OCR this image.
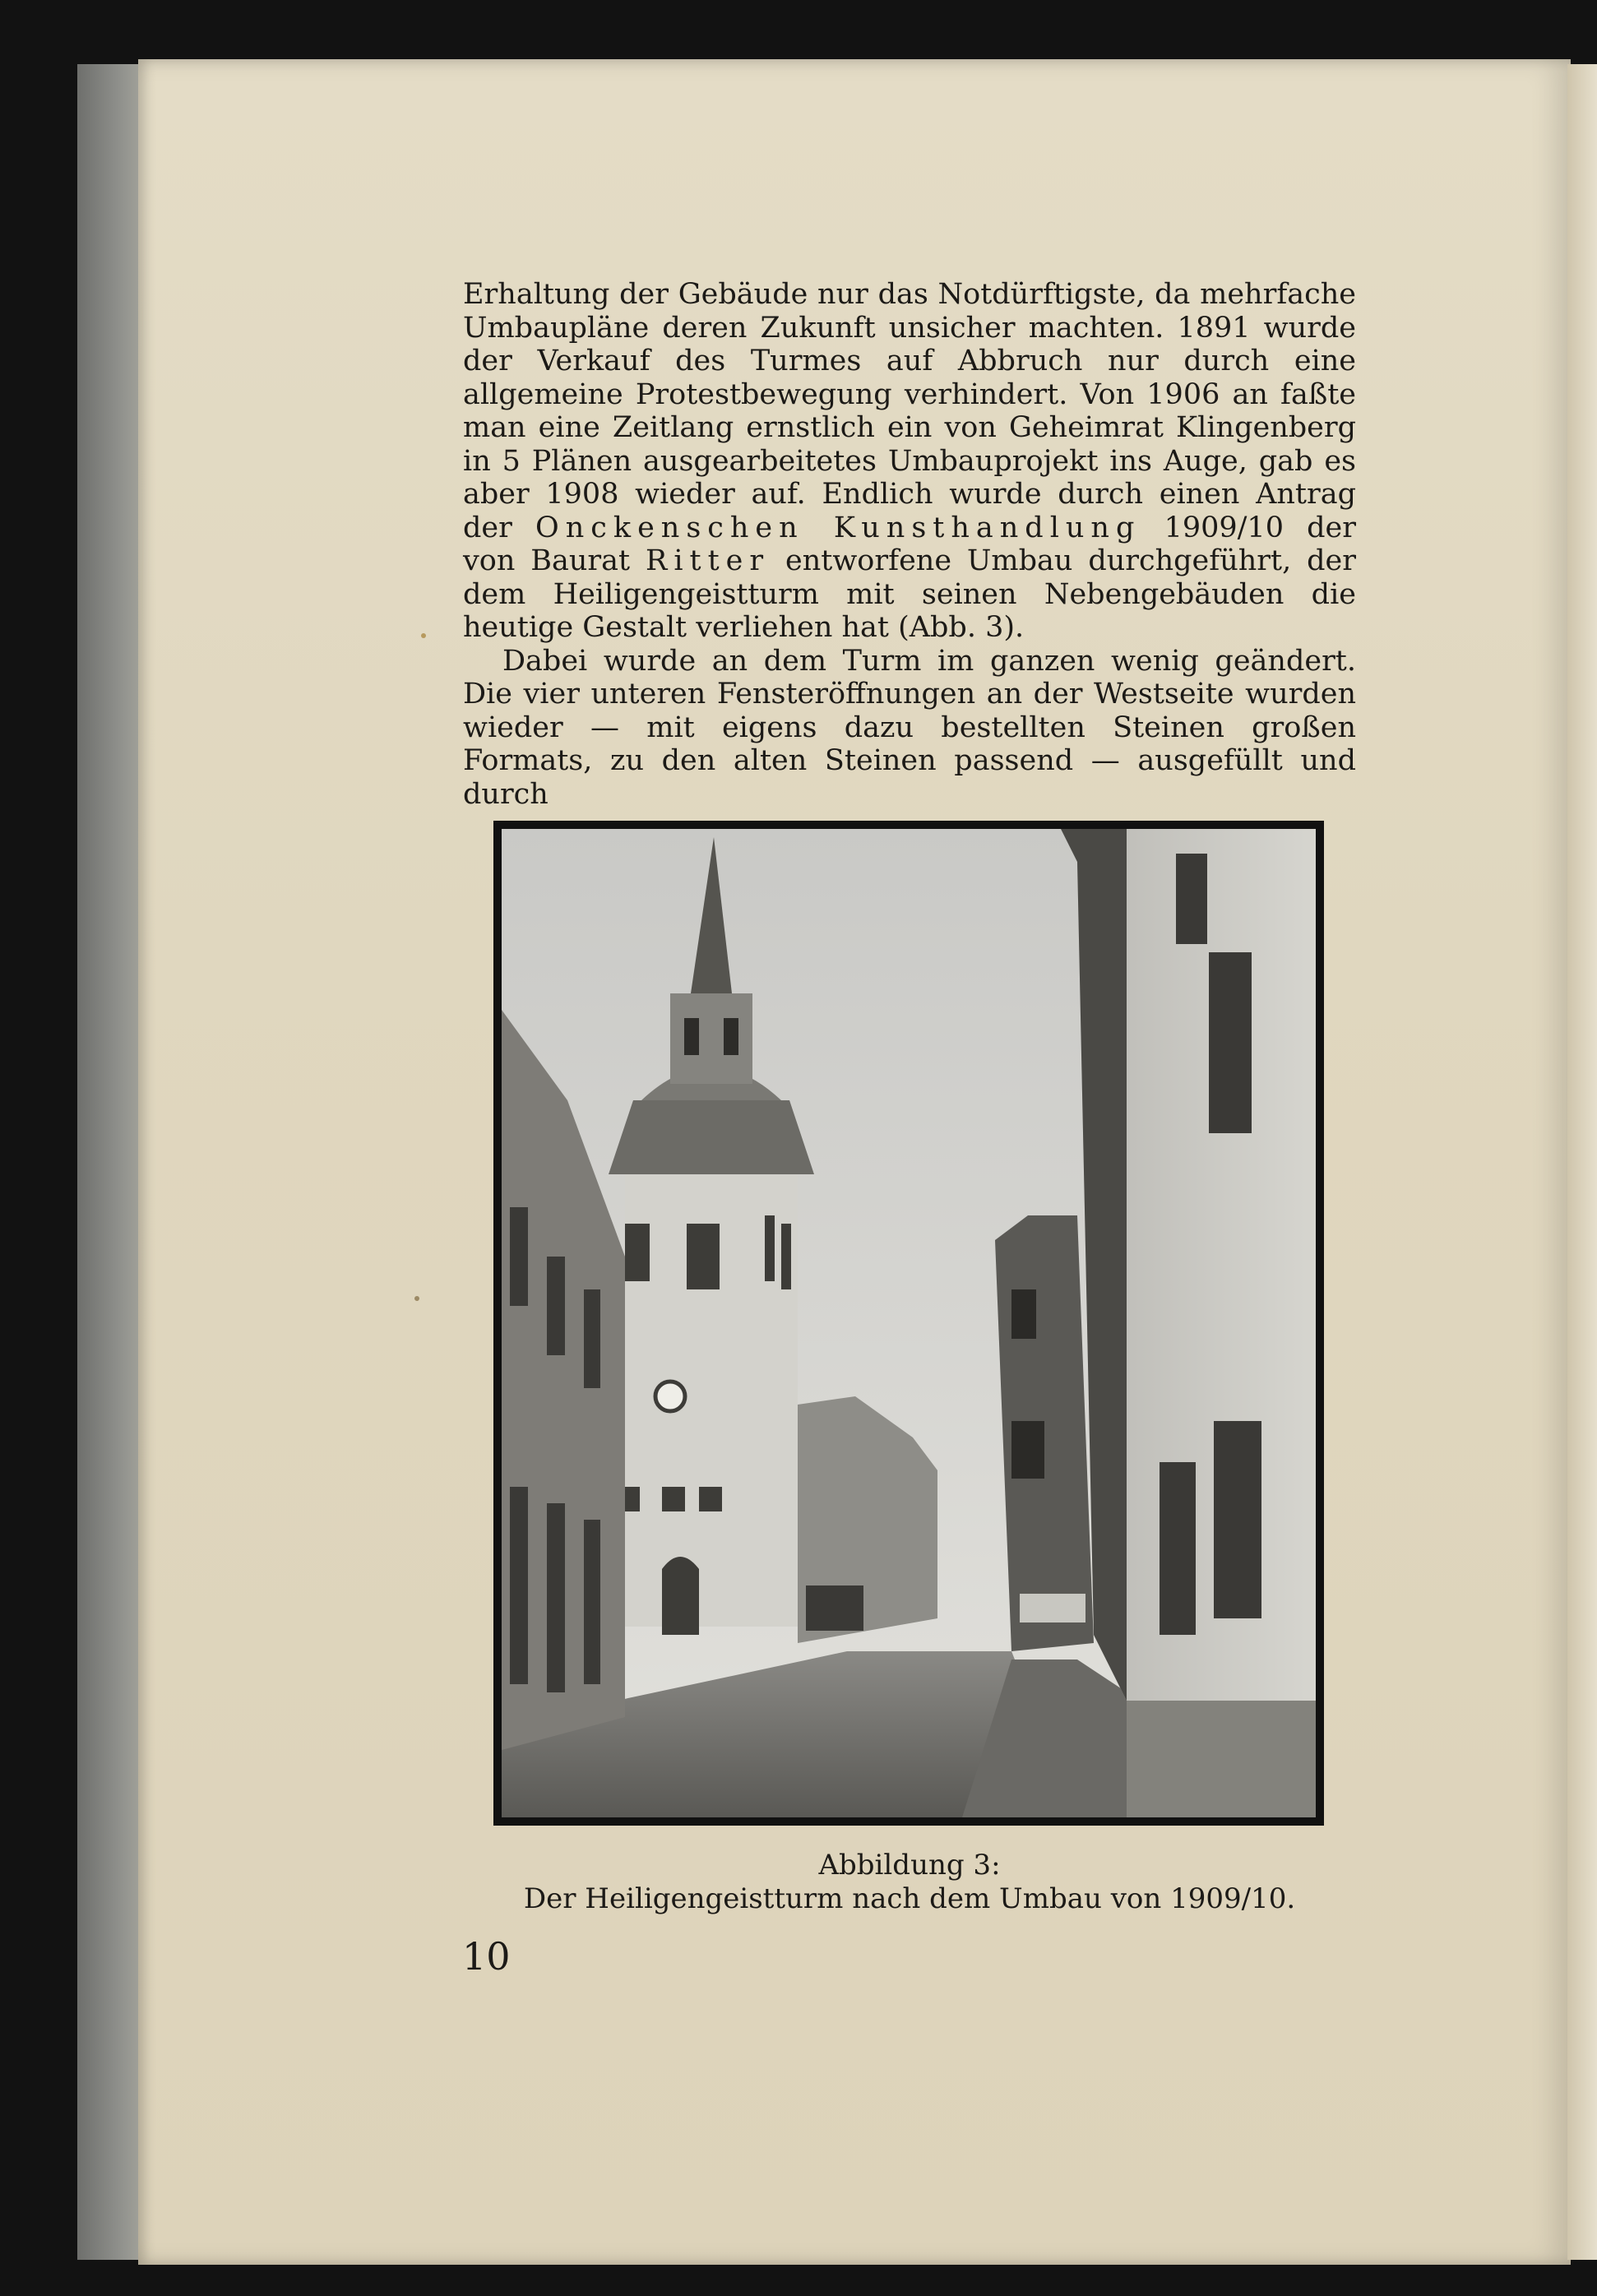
Erhaltung der Gebäude nur das Notdürftigste, da mehrfache Umbaupläne deren Zukunft unsicher machten. 1891 wurde der Verkauf des Turmes auf Abbruch nur durch eine allgemeine Protestbewegung verhindert. Von 1906 an faßte man eine Zeitlang ernstlich ein von Geheimrat Klingenberg in 5 Plänen ausgearbeitetes Umbauprojekt ins Auge, gab es aber 1908 wieder auf. Endlich wurde durch einen Antrag der Onckenschen Kunsthandlung 1909/10 der von Baurat Ritter entworfene Umbau durchgeführt, der dem Heiligengeistturm mit seinen Nebengebäuden die heutige Gestalt verliehen hat (Abb. 3).

Dabei wurde an dem Turm im ganzen wenig geändert. Die vier unteren Fensteröffnungen an der Westseite wurden wieder — mit eigens dazu bestellten Steinen großen Formats, zu den alten Steinen passend — ausgefüllt und durch

Abbildung 3:
Der Heiligengeistturm nach dem Umbau von 1909/10.
10
